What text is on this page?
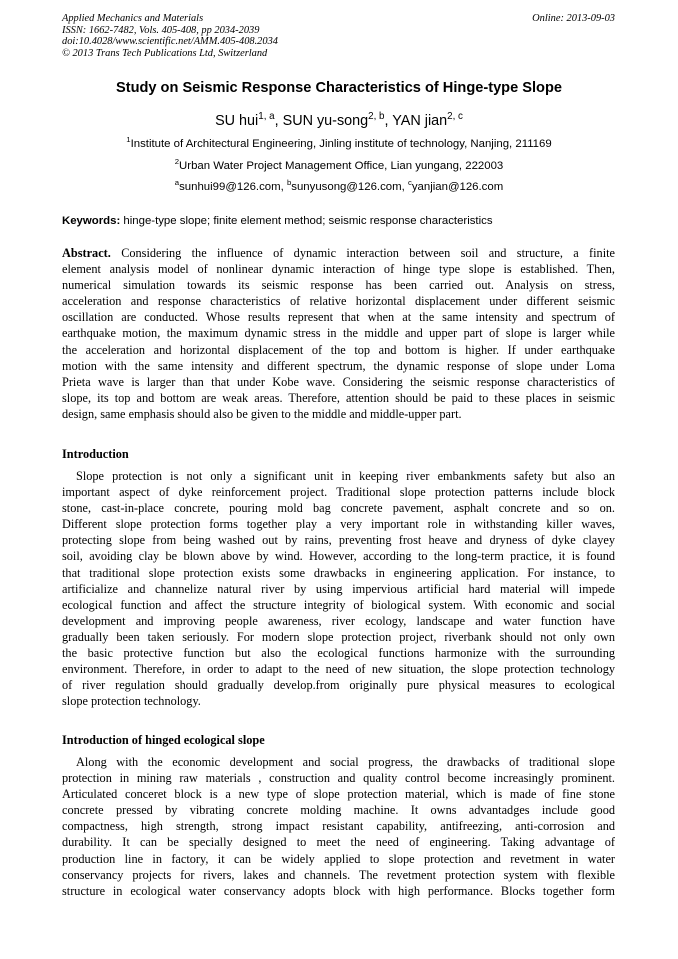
Applied Mechanics and Materials
ISSN: 1662-7482, Vols. 405-408, pp 2034-2039
doi:10.4028/www.scientific.net/AMM.405-408.2034
© 2013 Trans Tech Publications Ltd, Switzerland
Online: 2013-09-03
Study on Seismic Response Characteristics of Hinge-type Slope
SU hui$^{1, a}$, SUN yu-song$^{2, b}$, YAN jian$^{2, c}$
$^1$Institute of Architectural Engineering, Jinling institute of technology, Nanjing, 211169
$^2$Urban Water Project Management Office, Lian yungang, 222003
$^a$sunhui99@126.com, $^b$sunyusong@126.com, $^c$yanjian@126.com
Keywords: hinge-type slope; finite element method; seismic response characteristics
Abstract. Considering the influence of dynamic interaction between soil and structure, a finite
element analysis model of nonlinear dynamic interaction of hinge type slope is established. Then,
numerical simulation towards its seismic response has been carried out. Analysis on stress,
acceleration and response characteristics of relative horizontal displacement under different seismic
oscillation are conducted. Whose results represent that when at the same intensity and spectrum of
earthquake motion, the maximum dynamic stress in the middle and upper part of slope is larger while
the acceleration and horizontal displacement of the top and bottom is higher. If under earthquake
motion with the same intensity and different spectrum, the dynamic response of slope under Loma
Prieta wave is larger than that under Kobe wave. Considering the seismic response characteristics of
slope, its top and bottom are weak areas. Therefore, attention should be paid to these places in seismic
design, same emphasis should also be given to the middle and middle-upper part.
Introduction
Slope protection is not only a significant unit in keeping river embankments safety but also an
important aspect of dyke reinforcement project. Traditional slope protection patterns include block
stone, cast-in-place concrete, pouring mold bag concrete pavement, asphalt concrete and so on.
Different slope protection forms together play a very important role in withstanding killer waves,
protecting slope from being washed out by rains, preventing frost heave and dryness of dyke clayey
soil, avoiding clay be blown above by wind. However, according to the long-term practice, it is found
that traditional slope protection exists some drawbacks in engineering application. For instance, to
artificialize and channelize natural river by using impervious artificial hard material will impede
ecological function and affect the structure integrity of biological system. With economic and social
development and improving people awareness, river ecology, landscape and water function have
gradually been taken seriously. For modern slope protection project, riverbank should not only own
the basic protective function but also the ecological functions harmonize with the surrounding
environment. Therefore, in order to adapt to the need of new situation, the slope protection technology
of river regulation should gradually develop.from originally pure physical measures to ecological
slope protection technology.
Introduction of hinged ecological slope
Along with the economic development and social progress, the drawbacks of traditional slope
protection in mining raw materials , construction and quality control become increasingly prominent.
Articulated conceret block is a new type of slope protection material, which is made of fine stone
concrete pressed by vibrating concrete molding machine. It owns advantadges include good
compactness, high strength, strong impact resistant capability, antifreezing, anti-corrosion and
durability. It can be specially designed to meet the need of engineering. Taking advantage of
production line in factory, it can be widely applied to slope protection and revetment in water
conservancy projects for rivers, lakes and channels. The revetment protection system with flexible
structure in ecological water conservancy adopts block with high performance. Blocks together form
